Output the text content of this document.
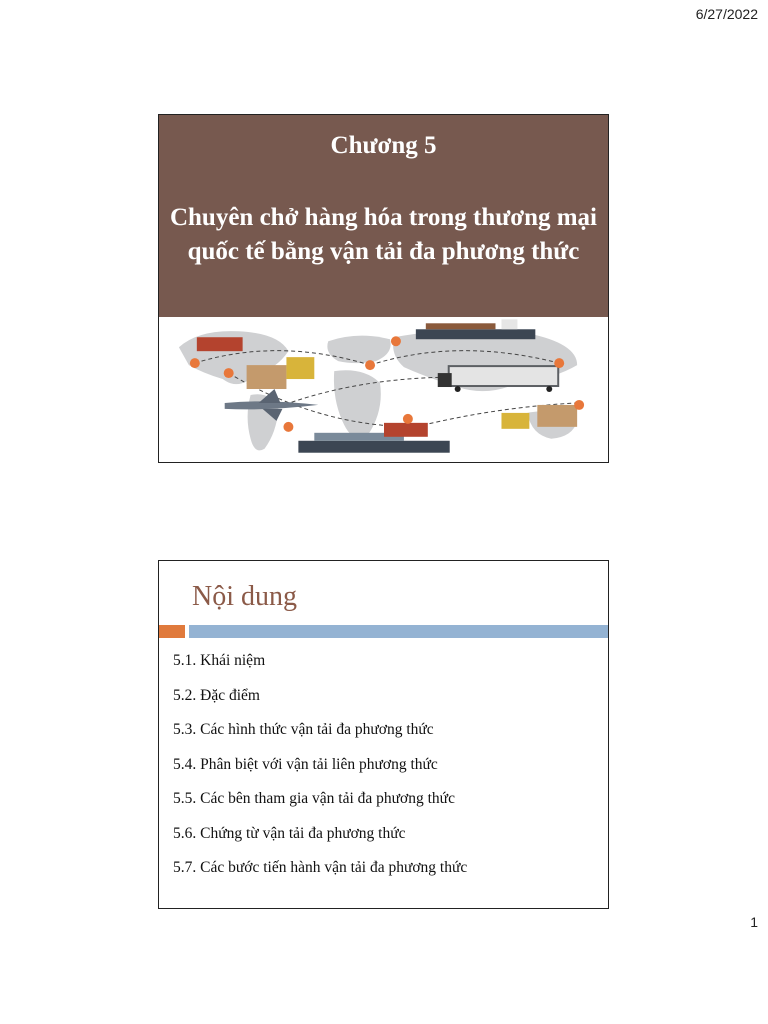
6/27/2022
Chương 5
Chuyên chở hàng hóa trong thương mại quốc tế bằng vận tải đa phương thức
Nội dung
5.1. Khái niệm
5.2. Đặc điểm
5.3. Các hình thức vận tải đa phương thức
5.4. Phân biệt với vận tải liên phương thức
5.5. Các bên tham gia vận tải đa phương thức
5.6. Chứng từ vận tải đa phương thức
5.7. Các bước tiến hành vận tải đa phương thức
1
